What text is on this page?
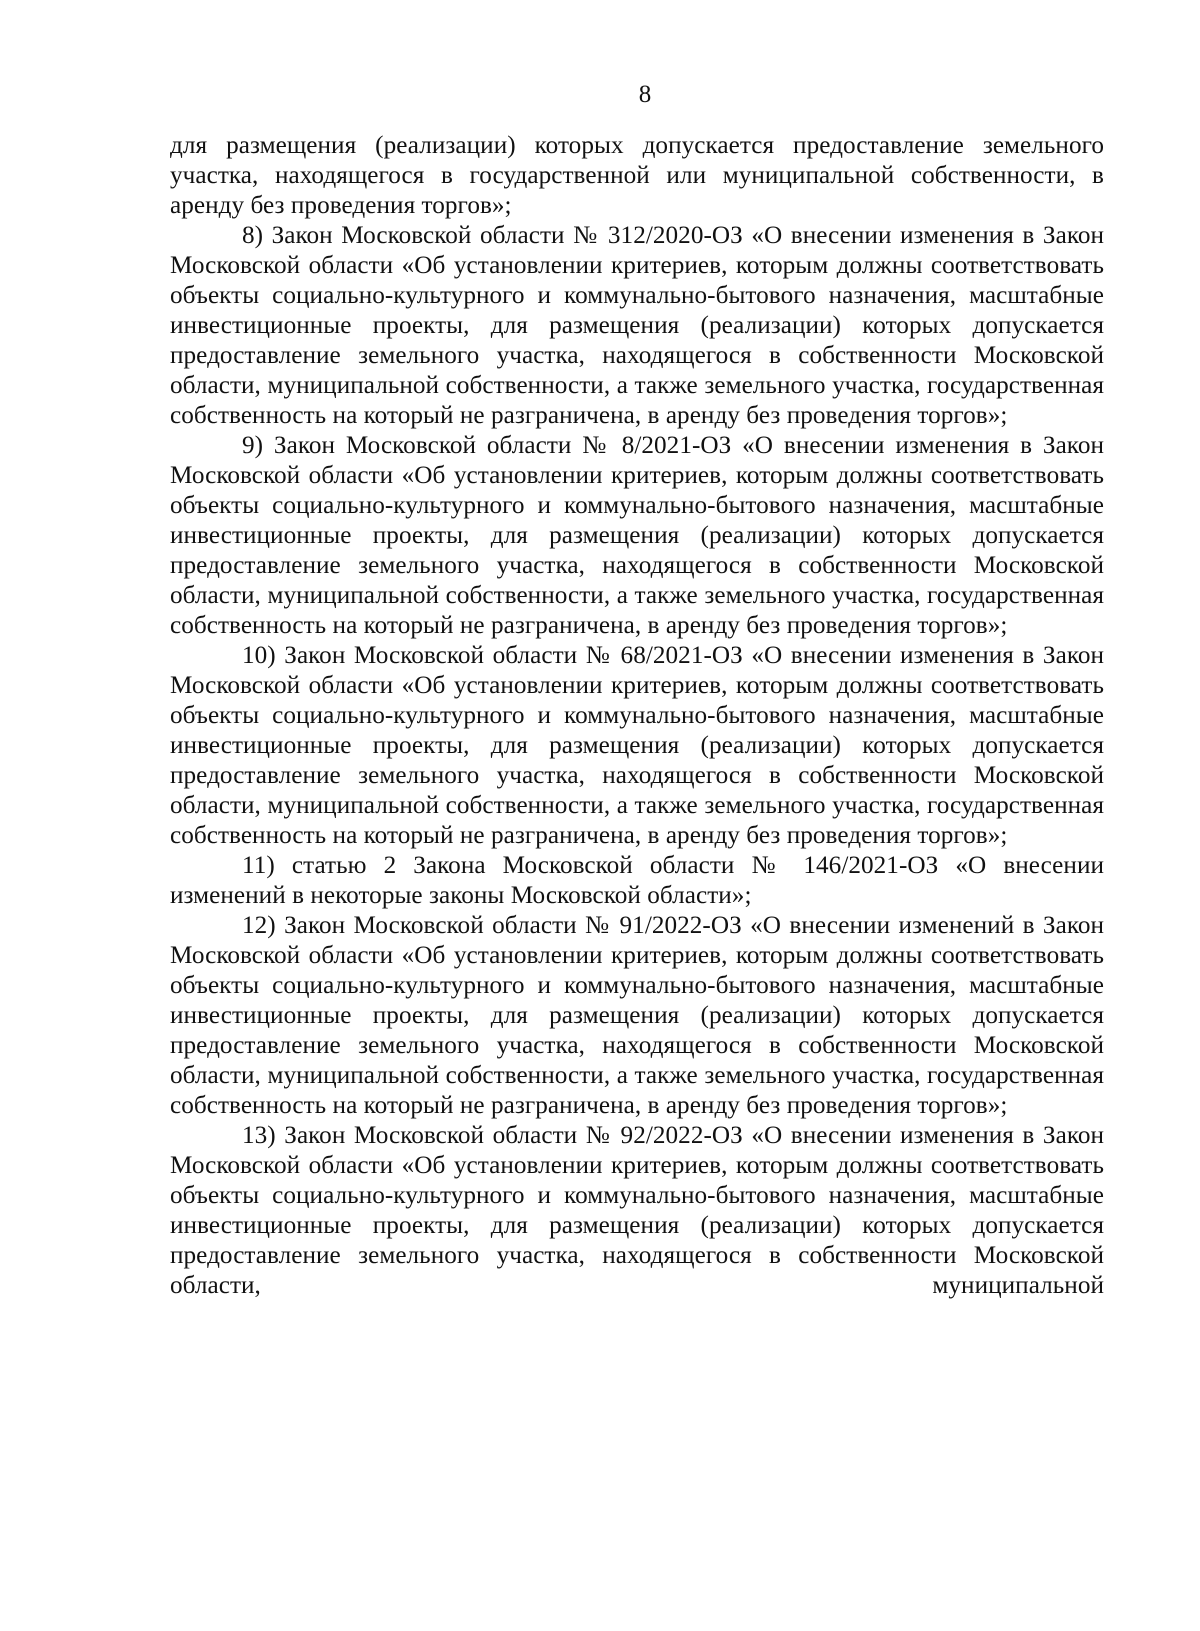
8

для размещения (реализации) которых допускается предоставление земельного участка, находящегося в государственной или муниципальной собственности, в аренду без проведения торгов»;

8) Закон Московской области № 312/2020-ОЗ «О внесении изменения в Закон Московской области «Об установлении критериев, которым должны соответствовать объекты социально-культурного и коммунально-бытового назначения, масштабные инвестиционные проекты, для размещения (реализации) которых допускается предоставление земельного участка, находящегося в собственности Московской области, муниципальной собственности, а также земельного участка, государственная собственность на который не разграничена, в аренду без проведения торгов»;

9) Закон Московской области № 8/2021-ОЗ «О внесении изменения в Закон Московской области «Об установлении критериев, которым должны соответствовать объекты социально-культурного и коммунально-бытового назначения, масштабные инвестиционные проекты, для размещения (реализации) которых допускается предоставление земельного участка, находящегося в собственности Московской области, муниципальной собственности, а также земельного участка, государственная собственность на который не разграничена, в аренду без проведения торгов»;

10) Закон Московской области № 68/2021-ОЗ «О внесении изменения в Закон Московской области «Об установлении критериев, которым должны соответствовать объекты социально-культурного и коммунально-бытового назначения, масштабные инвестиционные проекты, для размещения (реализации) которых допускается предоставление земельного участка, находящегося в собственности Московской области, муниципальной собственности, а также земельного участка, государственная собственность на который не разграничена, в аренду без проведения торгов»;

11) статью 2 Закона Московской области № 146/2021-ОЗ «О внесении изменений в некоторые законы Московской области»;

12) Закон Московской области № 91/2022-ОЗ «О внесении изменений в Закон Московской области «Об установлении критериев, которым должны соответствовать объекты социально-культурного и коммунально-бытового назначения, масштабные инвестиционные проекты, для размещения (реализации) которых допускается предоставление земельного участка, находящегося в собственности Московской области, муниципальной собственности, а также земельного участка, государственная собственность на который не разграничена, в аренду без проведения торгов»;

13) Закон Московской области № 92/2022-ОЗ «О внесении изменения в Закон Московской области «Об установлении критериев, которым должны соответствовать объекты социально-культурного и коммунально-бытового назначения, масштабные инвестиционные проекты, для размещения (реализации) которых допускается предоставление земельного участка, находящегося в собственности Московской области, муниципальной
